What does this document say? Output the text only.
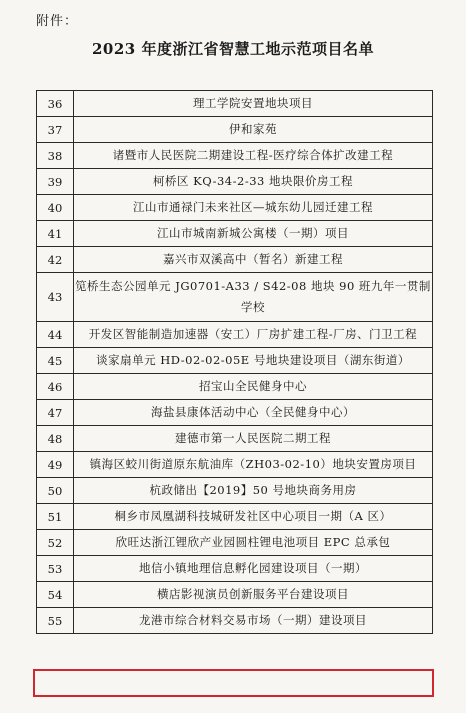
附件：
2023 年度浙江省智慧工地示范项目名单
36	理工学院安置地块项目
37	伊和家苑
38	诸暨市人民医院二期建设工程-医疗综合体扩改建工程
39	柯桥区 KQ-34-2-33 地块限价房工程
40	江山市通禄门未来社区—城东幼儿园迁建工程
41	江山市城南新城公寓楼（一期）项目
42	嘉兴市双溪高中（暂名）新建工程
43	笕桥生态公园单元 JG0701-A33 / S42-08 地块 90 班九年一贯制学校
44	开发区智能制造加速器（安工）厂房扩建工程-厂房、门卫工程
45	谈家扇单元 HD-02-02-05E 号地块建设项目（湖东街道）
46	招宝山全民健身中心
47	海盐县康体活动中心（全民健身中心）
48	建德市第一人民医院二期工程
49	镇海区蛟川街道原东航油库（ZH03-02-10）地块安置房项目
50	杭政储出【2019】50 号地块商务用房
51	桐乡市凤凰湖科技城研发社区中心项目一期（A 区）
52	欣旺达浙江锂欣产业园圆柱锂电池项目 EPC 总承包
53	地信小镇地理信息孵化园建设项目（一期）
54	横店影视演员创新服务平台建设项目
55	龙港市综合材料交易市场（一期）建设项目
